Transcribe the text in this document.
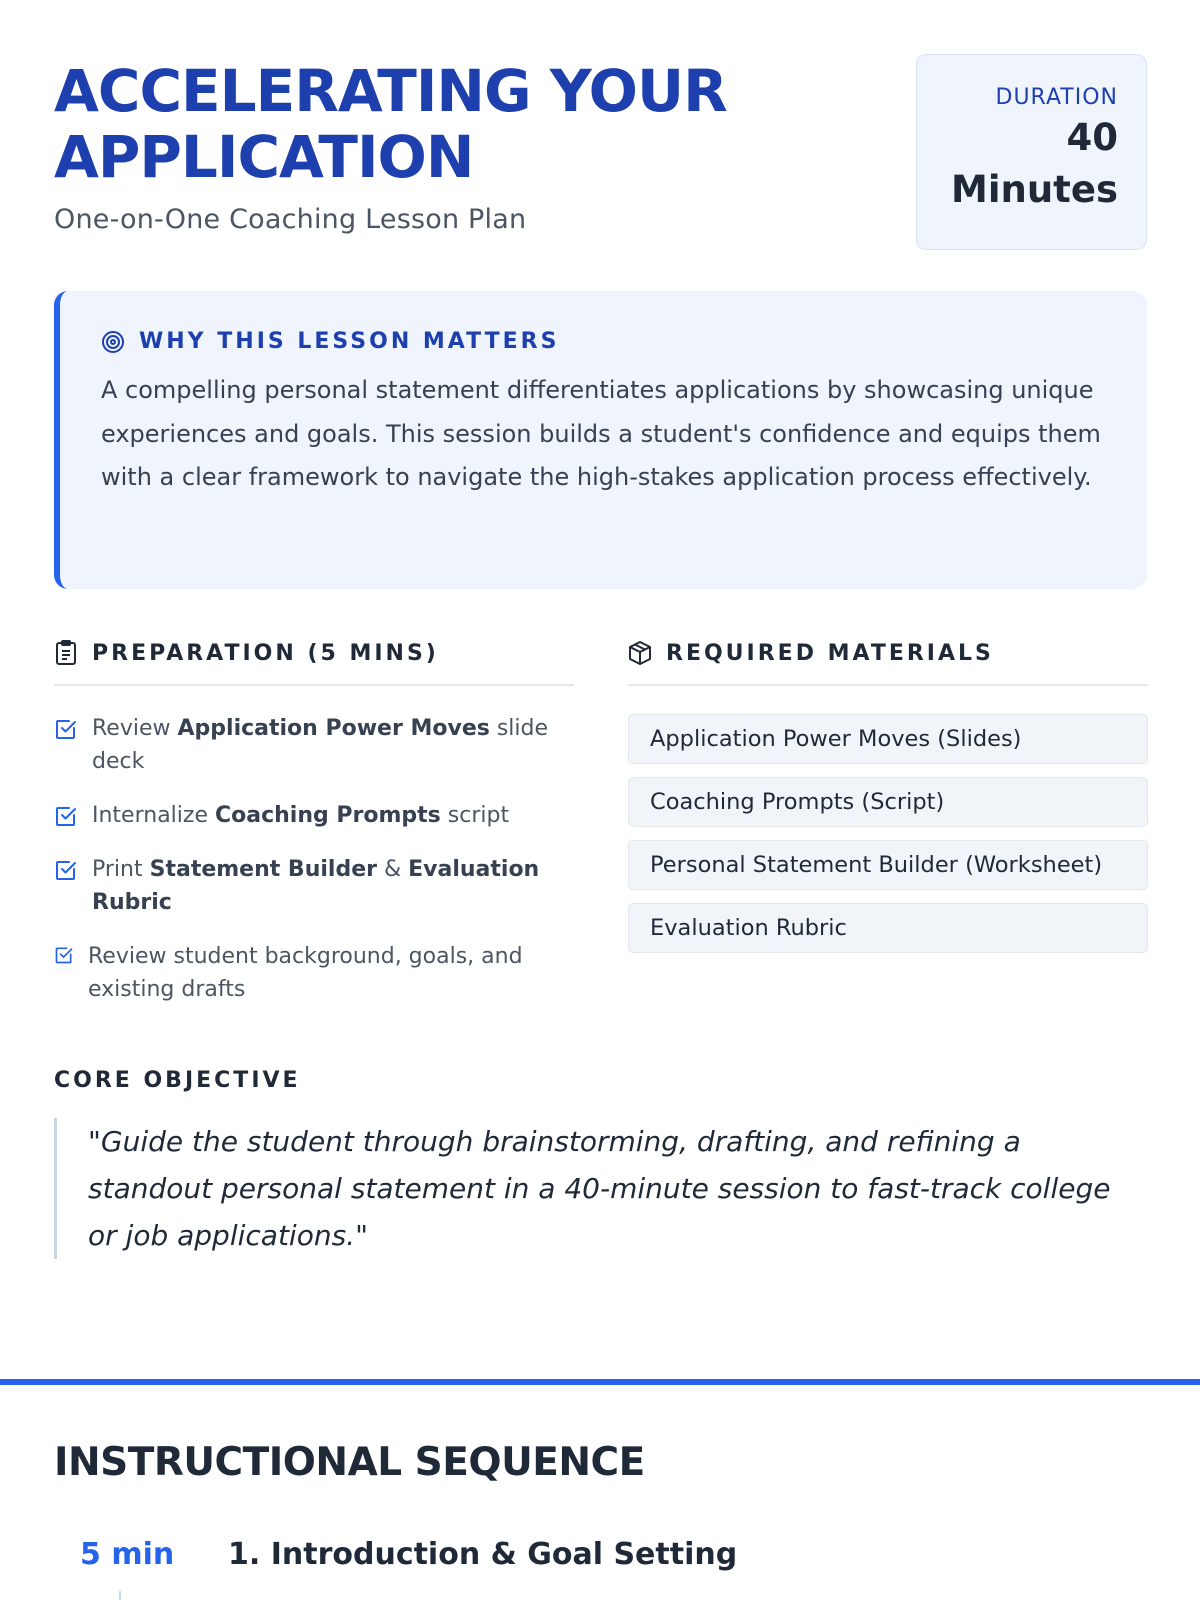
ACCELERATING YOUR APPLICATION
One-on-One Coaching Lesson Plan
DURATION
40 Minutes
WHY THIS LESSON MATTERS

A compelling personal statement differentiates applications by showcasing unique experiences and goals. This session builds a student's confidence and equips them with a clear framework to navigate the high-stakes application process effectively.

PREPARATION (5 MINS)
Review Application Power Moves slide deck
Internalize Coaching Prompts script
Print Statement Builder & Evaluation Rubric
Review student background, goals, and existing drafts
REQUIRED MATERIALS
Application Power Moves (Slides)
Coaching Prompts (Script)
Personal Statement Builder (Worksheet)
Evaluation Rubric
CORE OBJECTIVE
"Guide the student through brainstorming, drafting, and refining a standout personal statement in a 40-minute session to fast-track college or job applications."
INSTRUCTIONAL SEQUENCE
5 min 1. Introduction & Goal Setting
